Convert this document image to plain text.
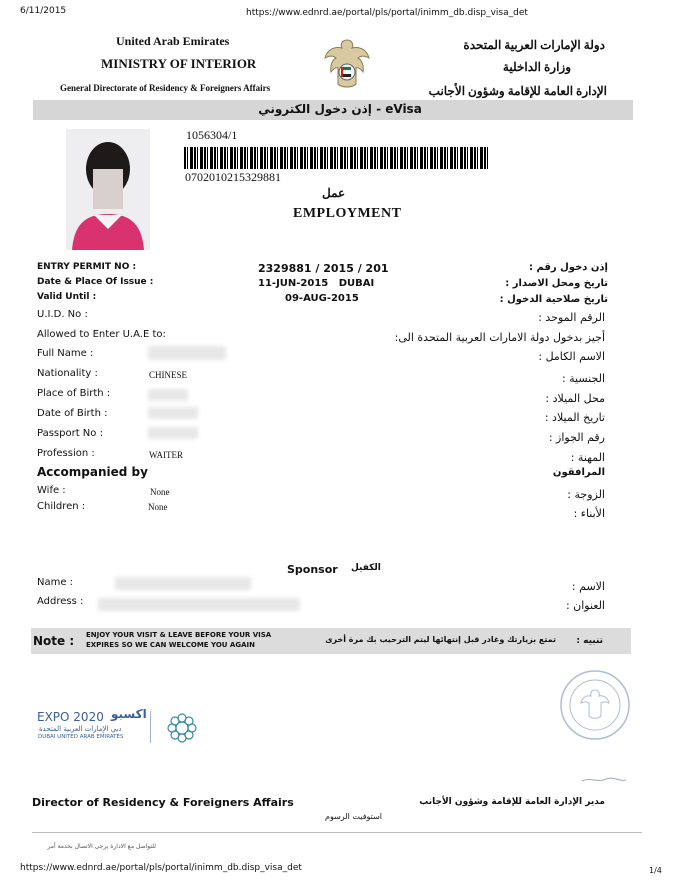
6/11/2015	https://www.ednrd.ae/portal/pls/portal/inimm_db.disp_visa_det
United Arab Emirates
MINISTRY OF INTERIOR
General Directorate of Residency & Foreigners Affairs
دولة الإمارات العربية المتحدة
وزارة الداخلية
الإدارة العامة للإقامة وشؤون الأجانب
إذن دخول الكتروني - eVisa
1056304/1
0702010215329881
عمل
EMPLOYMENT
ENTRY PERMIT NO :	2329881 / 2015 / 201	إذن دخول رقم :
Date & Place Of Issue :	11-JUN-2015   DUBAI	تاريخ ومحل الاصدار :
Valid Until :	09-AUG-2015	تاريخ صلاحية الدخول :
U.I.D. No :	الرقم الموحد :
Allowed to Enter U.A.E to:	أجيز بدخول دولة الامارات العربية المتحدة الى:
Full Name :	الاسم الكامل :
Nationality :	CHINESE	الجنسية :
Place of Birth :	محل الميلاد :
Date of Birth :	تاريخ الميلاد :
Passport No :	رقم الجواز :
Profession :	WAITER	المهنة :
Accompanied by	المرافقون
Wife :	None	الزوجة :
Children :	None	الأبناء :
Sponsor الكفيل
Name :	الاسم :
Address :	العنوان :
Note : ENJOY YOUR VISIT & LEAVE BEFORE YOUR VISA
EXPIRES SO WE CAN WELCOME YOU AGAIN
تمتع بزيارتك وغادر قبل إنتهائها ليتم الترحيب بك مرة أخرى تنبيه :
EXPO 2020 اكسبو
دبي الإمارات العربية المتحدة
DUBAI UNITED ARAB EMIRATES
Director of Residency & Foreigners Affairs	مدير الإدارة العامة للإقامة وشؤون الأجانب
استوفيت الرسوم
للتواصل مع الادارة يرجى الاتصال بخدمة أمر
https://www.ednrd.ae/portal/pls/portal/inimm_db.disp_visa_det	1/4
